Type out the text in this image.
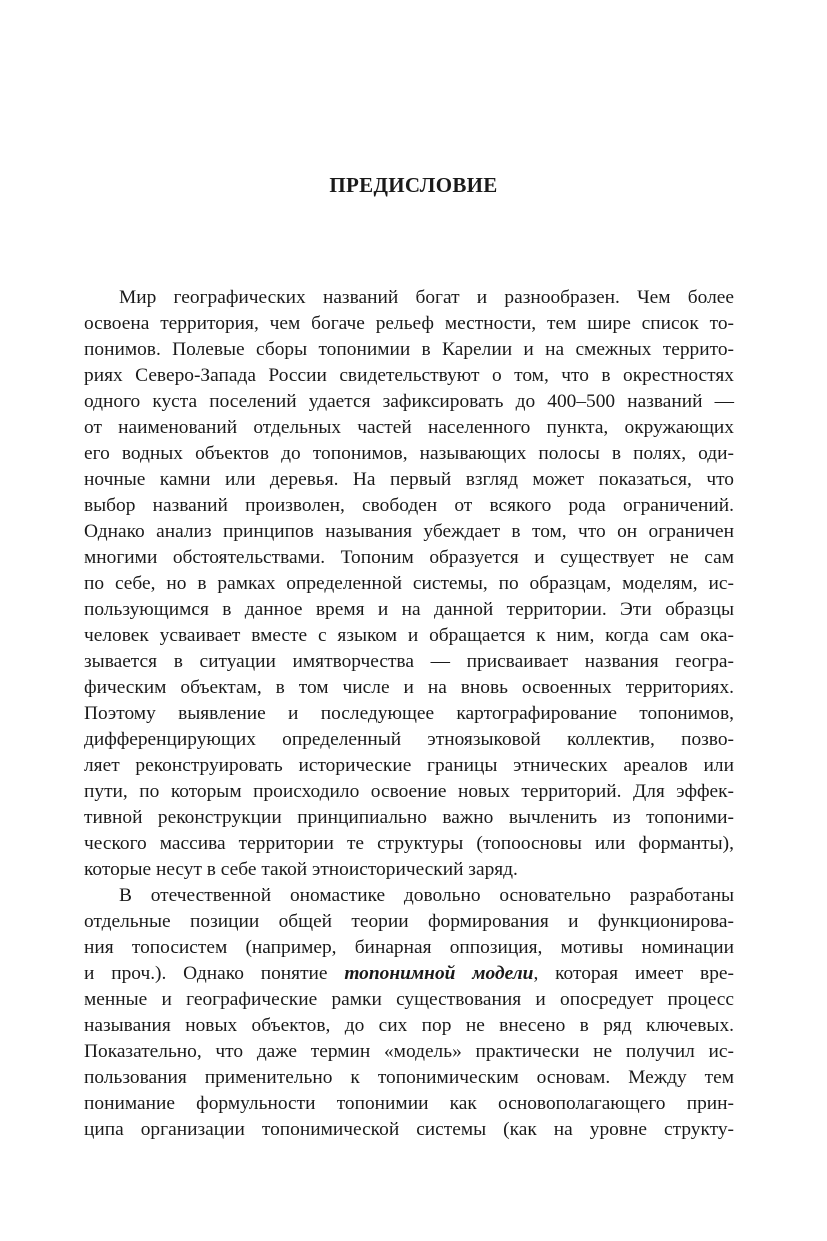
ПРЕДИСЛОВИЕ
Мир географических названий богат и разнообразен. Чем более
освоена территория, чем богаче рельеф местности, тем шире список то-
понимов. Полевые сборы топонимии в Карелии и на смежных террито-
риях Северо-Запада России свидетельствуют о том, что в окрестностях
одного куста поселений удается зафиксировать до 400–500 названий —
от наименований отдельных частей населенного пункта, окружающих
его водных объектов до топонимов, называющих полосы в полях, оди-
ночные камни или деревья. На первый взгляд может показаться, что
выбор названий произволен, свободен от всякого рода ограничений.
Однако анализ принципов называния убеждает в том, что он ограничен
многими обстоятельствами. Топоним образуется и существует не сам
по себе, но в рамках определенной системы, по образцам, моделям, ис-
пользующимся в данное время и на данной территории. Эти образцы
человек усваивает вместе с языком и обращается к ним, когда сам ока-
зывается в ситуации имятворчества — присваивает названия геогра-
фическим объектам, в том числе и на вновь освоенных территориях.
Поэтому выявление и последующее картографирование топонимов,
дифференцирующих определенный этноязыковой коллектив, позво-
ляет реконструировать исторические границы этнических ареалов или
пути, по которым происходило освоение новых территорий. Для эффек-
тивной реконструкции принципиально важно вычленить из топоними-
ческого массива территории те структуры (топоосновы или форманты),
которые несут в себе такой этноисторический заряд.
В отечественной ономастике довольно основательно разработаны
отдельные позиции общей теории формирования и функционирова-
ния топосистем (например, бинарная оппозиция, мотивы номинации
и проч.). Однако понятие топонимной модели, которая имеет вре-
менные и географические рамки существования и опосредует процесс
называния новых объектов, до сих пор не внесено в ряд ключевых.
Показательно, что даже термин «модель» практически не получил ис-
пользования применительно к топонимическим основам. Между тем
понимание формульности топонимии как основополагающего прин-
ципа организации топонимической системы (как на уровне структу-
